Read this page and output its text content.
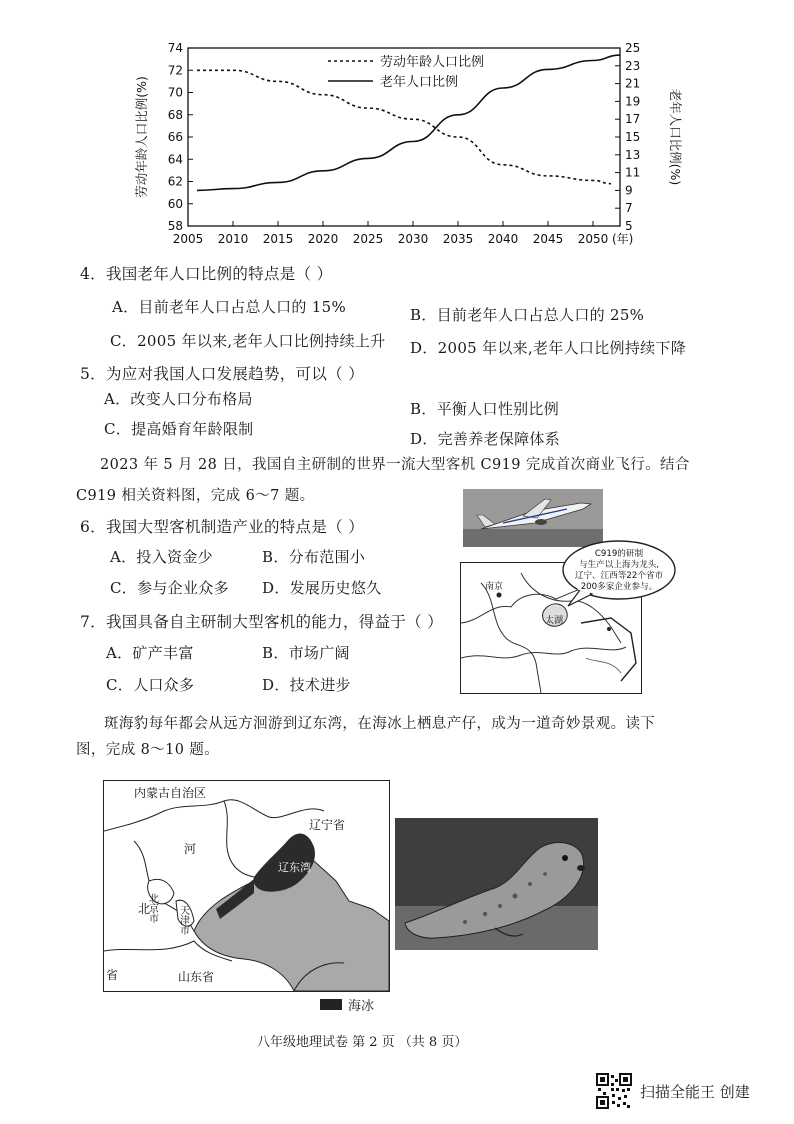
58
60
62
64
66
68
70
72
74
5
7
9
11
13
15
17
19
21
23
25
2005 2010 2015 2020 2025 2030 2035 2040 2045 2050 (年)
劳动年龄人口比例(%)	老年人口比例(%)
劳动年龄人口比例
老年人口比例
4．我国老年人口比例的特点是（ ）
A．目前老年人口占总人口的 15%	B．目前老年人口占总人口的 25%
C．2005 年以来,老年人口比例持续上升 D．2005 年以来,老年人口比例持续下降
5．为应对我国人口发展趋势，可以（ ）
A．改变人口分布格局
B．平衡人口性别比例
C．提高婚育年龄限制
D．完善养老保障体系
2023 年 5 月 28 日，我国自主研制的世界一流大型客机 C919 完成首次商业飞行。结合
C919 相关资料图，完成 6～7 题。
6．我国大型客机制造产业的特点是（ ）
A．投入资金少	B．分布范围小
C．参与企业众多 D．发展历史悠久
7．我国具备自主研制大型客机的能力，得益于（ ）
A．矿产丰富	B．市场广阔
C．人口众多	D．技术进步
南京
太湖
C919的研制
与生产以上海为龙头,
辽宁、江西等22个省市
200多家企业参与。
斑海豹每年都会从远方洄游到辽东湾，在海冰上栖息产仔，成为一道奇妙景观。读下
图，完成 8～10 题。
内蒙古自治区
辽宁省
河
北
省
北京市 天津市
辽东湾
山东省
海冰
八年级地理试卷 第 2 页 （共 8 页）
扫描全能王 创建
